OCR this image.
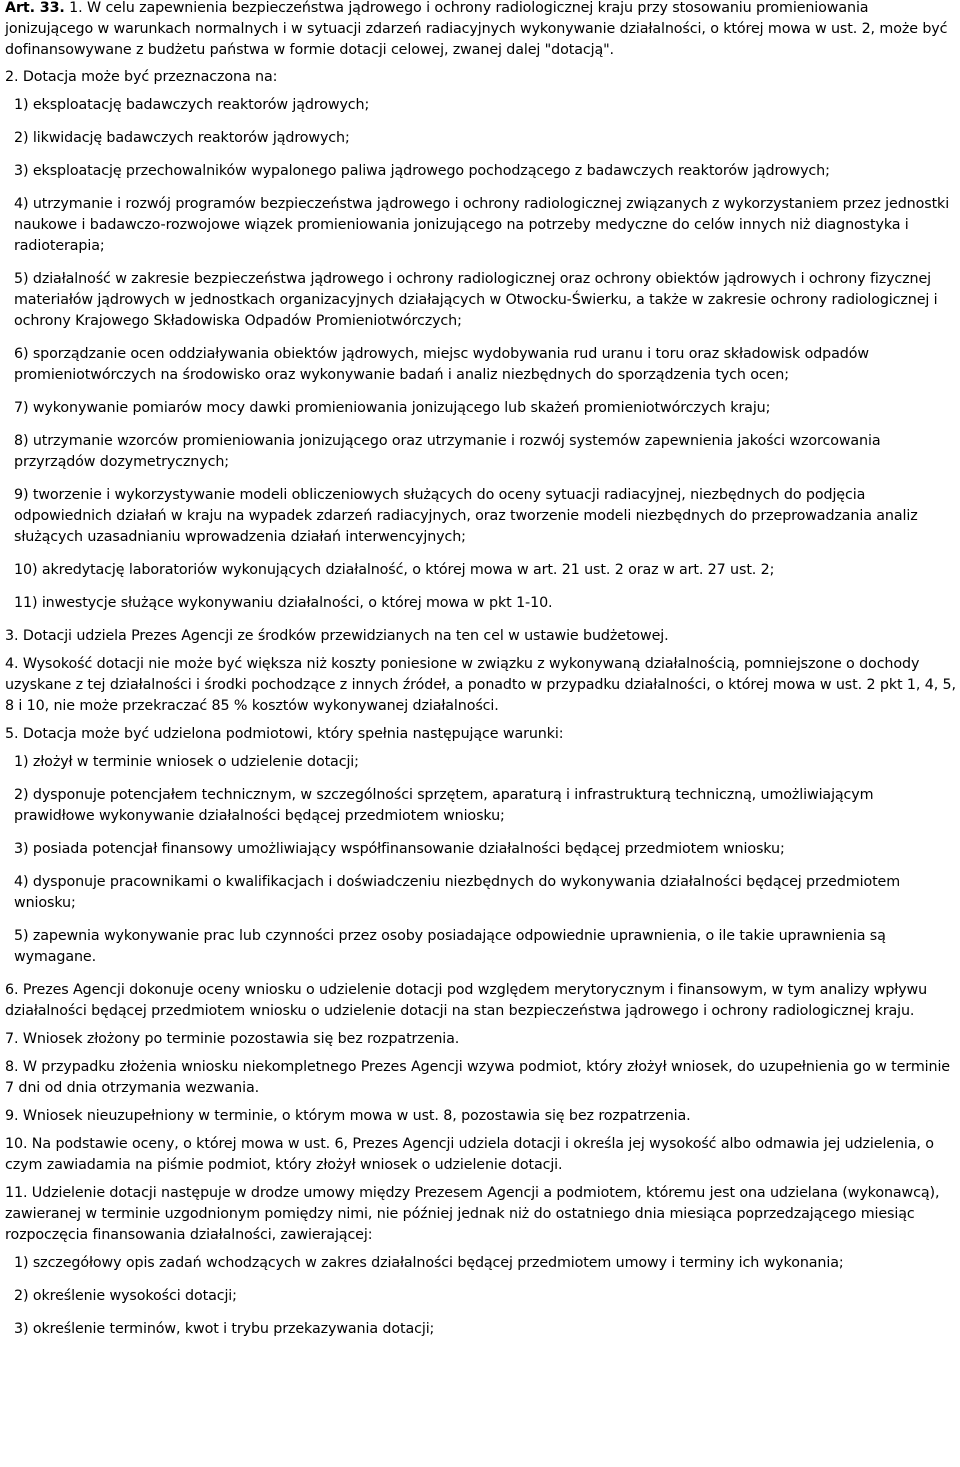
Art. 33. 1. W celu zapewnienia bezpieczeństwa jądrowego i ochrony radiologicznej kraju przy stosowaniu promieniowania jonizującego w warunkach normalnych i w sytuacji zdarzeń radiacyjnych wykonywanie działalności, o której mowa w ust. 2, może być dofinansowywane z budżetu państwa w formie dotacji celowej, zwanej dalej "dotacją".
2. Dotacja może być przeznaczona na:
1) eksploatację badawczych reaktorów jądrowych;
2) likwidację badawczych reaktorów jądrowych;
3) eksploatację przechowalników wypalonego paliwa jądrowego pochodzącego z badawczych reaktorów jądrowych;
4) utrzymanie i rozwój programów bezpieczeństwa jądrowego i ochrony radiologicznej związanych z wykorzystaniem przez jednostki naukowe i badawczo-rozwojowe wiązek promieniowania jonizującego na potrzeby medyczne do celów innych niż diagnostyka i radioterapia;
5) działalność w zakresie bezpieczeństwa jądrowego i ochrony radiologicznej oraz ochrony obiektów jądrowych i ochrony fizycznej materiałów jądrowych w jednostkach organizacyjnych działających w Otwocku-Świerku, a także w zakresie ochrony radiologicznej i ochrony Krajowego Składowiska Odpadów Promieniotwórczych;
6) sporządzanie ocen oddziaływania obiektów jądrowych, miejsc wydobywania rud uranu i toru oraz składowisk odpadów promieniotwórczych na środowisko oraz wykonywanie badań i analiz niezbędnych do sporządzenia tych ocen;
7) wykonywanie pomiarów mocy dawki promieniowania jonizującego lub skażeń promieniotwórczych kraju;
8) utrzymanie wzorców promieniowania jonizującego oraz utrzymanie i rozwój systemów zapewnienia jakości wzorcowania przyrządów dozymetrycznych;
9) tworzenie i wykorzystywanie modeli obliczeniowych służących do oceny sytuacji radiacyjnej, niezbędnych do podjęcia odpowiednich działań w kraju na wypadek zdarzeń radiacyjnych, oraz tworzenie modeli niezbędnych do przeprowadzania analiz służących uzasadnianiu wprowadzenia działań interwencyjnych;
10) akredytację laboratoriów wykonujących działalność, o której mowa w art. 21 ust. 2 oraz w art. 27 ust. 2;
11) inwestycje służące wykonywaniu działalności, o której mowa w pkt 1-10.
3. Dotacji udziela Prezes Agencji ze środków przewidzianych na ten cel w ustawie budżetowej.
4. Wysokość dotacji nie może być większa niż koszty poniesione w związku z wykonywaną działalnością, pomniejszone o dochody uzyskane z tej działalności i środki pochodzące z innych źródeł, a ponadto w przypadku działalności, o której mowa w ust. 2 pkt 1, 4, 5, 8 i 10, nie może przekraczać 85 % kosztów wykonywanej działalności.
5. Dotacja może być udzielona podmiotowi, który spełnia następujące warunki:
1) złożył w terminie wniosek o udzielenie dotacji;
2) dysponuje potencjałem technicznym, w szczególności sprzętem, aparaturą i infrastrukturą techniczną, umożliwiającym prawidłowe wykonywanie działalności będącej przedmiotem wniosku;
3) posiada potencjał finansowy umożliwiający współfinansowanie działalności będącej przedmiotem wniosku;
4) dysponuje pracownikami o kwalifikacjach i doświadczeniu niezbędnych do wykonywania działalności będącej przedmiotem wniosku;
5) zapewnia wykonywanie prac lub czynności przez osoby posiadające odpowiednie uprawnienia, o ile takie uprawnienia są wymagane.
6. Prezes Agencji dokonuje oceny wniosku o udzielenie dotacji pod względem merytorycznym i finansowym, w tym analizy wpływu działalności będącej przedmiotem wniosku o udzielenie dotacji na stan bezpieczeństwa jądrowego i ochrony radiologicznej kraju.
7. Wniosek złożony po terminie pozostawia się bez rozpatrzenia.
8. W przypadku złożenia wniosku niekompletnego Prezes Agencji wzywa podmiot, który złożył wniosek, do uzupełnienia go w terminie 7 dni od dnia otrzymania wezwania.
9. Wniosek nieuzupełniony w terminie, o którym mowa w ust. 8, pozostawia się bez rozpatrzenia.
10. Na podstawie oceny, o której mowa w ust. 6, Prezes Agencji udziela dotacji i określa jej wysokość albo odmawia jej udzielenia, o czym zawiadamia na piśmie podmiot, który złożył wniosek o udzielenie dotacji.
11. Udzielenie dotacji następuje w drodze umowy między Prezesem Agencji a podmiotem, któremu jest ona udzielana (wykonawcą), zawieranej w terminie uzgodnionym pomiędzy nimi, nie później jednak niż do ostatniego dnia miesiąca poprzedzającego miesiąc rozpoczęcia finansowania działalności, zawierającej:
1) szczegółowy opis zadań wchodzących w zakres działalności będącej przedmiotem umowy i terminy ich wykonania;
2) określenie wysokości dotacji;
3) określenie terminów, kwot i trybu przekazywania dotacji;
